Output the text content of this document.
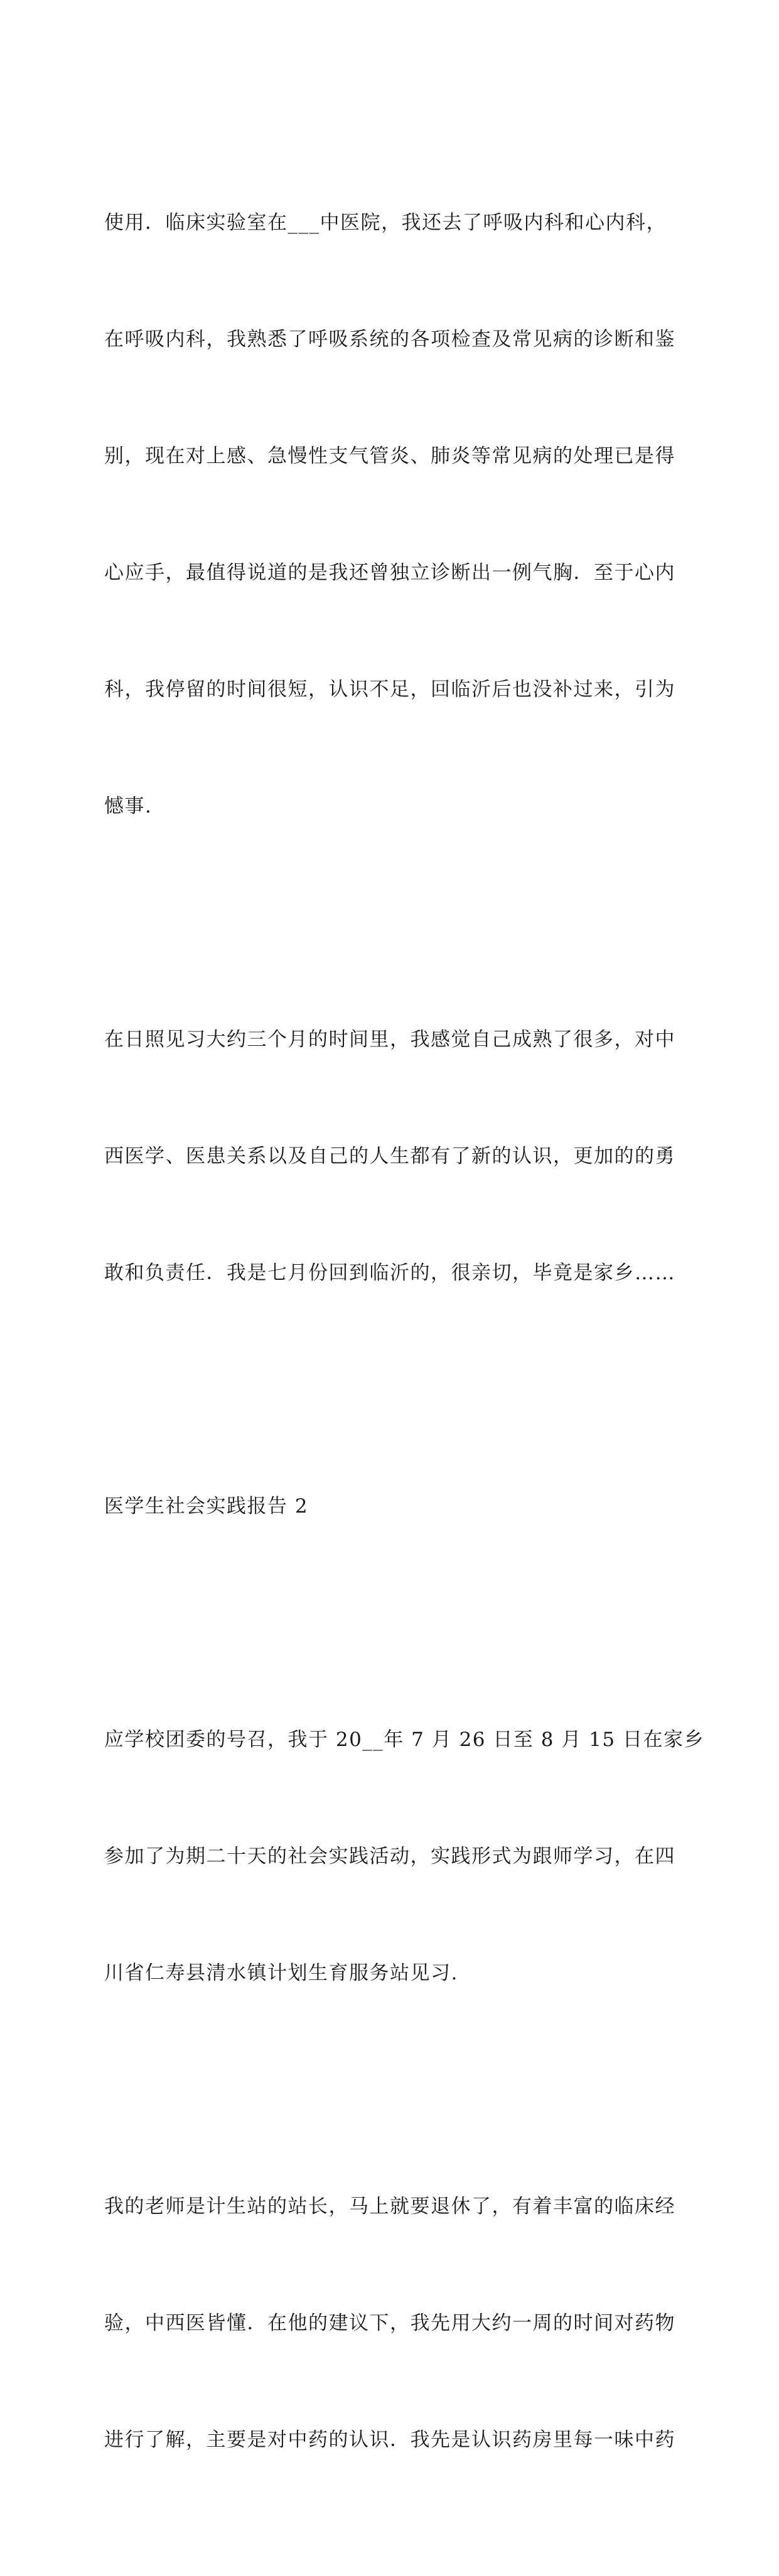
使用．临床实验室在___中医院，我还去了呼吸内科和心内科，

在呼吸内科，我熟悉了呼吸系统的各项检查及常见病的诊断和鉴

别，现在对上感、急慢性支气管炎、肺炎等常见病的处理已是得

心应手，最值得说道的是我还曾独立诊断出一例气胸．至于心内

科，我停留的时间很短，认识不足，回临沂后也没补过来，引为

憾事.

在日照见习大约三个月的时间里，我感觉自己成熟了很多，对中

西医学、医患关系以及自己的人生都有了新的认识，更加的的勇

敢和负责任．我是七月份回到临沂的，很亲切，毕竟是家乡……

医学生社会实践报告 2

应学校团委的号召，我于 20__年 7 月 26 日至 8 月 15 日在家乡

参加了为期二十天的社会实践活动，实践形式为跟师学习，在四

川省仁寿县清水镇计划生育服务站见习.

我的老师是计生站的站长，马上就要退休了，有着丰富的临床经

验，中西医皆懂．在他的建议下，我先用大约一周的时间对药物

进行了解，主要是对中药的认识．我先是认识药房里每一味中药
